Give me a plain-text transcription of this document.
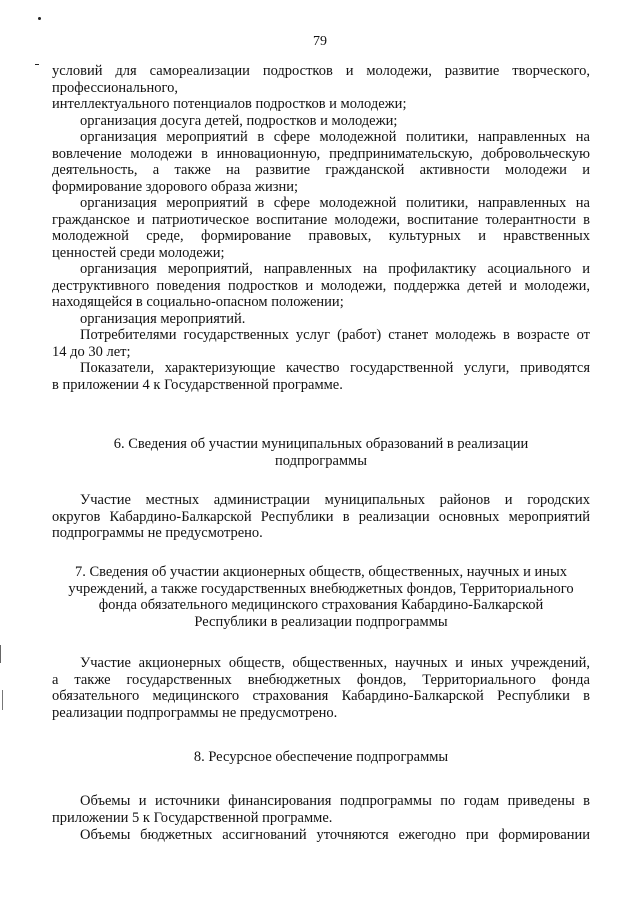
79
условий для самореализации подростков и молодежи, развитие творческого,
профессионального,
интеллектуального потенциалов подростков и молодежи;
организация досуга детей, подростков и молодежи;
организация мероприятий в сфере молодежной политики, направленных на
вовлечение молодежи в инновационную, предпринимательскую, добровольческую
деятельность, а также на развитие гражданской активности молодежи и
формирование здорового образа жизни;
организация мероприятий в сфере молодежной политики, направленных на
гражданское и патриотическое воспитание молодежи, воспитание толерантности в
молодежной среде, формирование правовых, культурных и нравственных
ценностей среди молодежи;
организация мероприятий, направленных на профилактику асоциального и
деструктивного поведения подростков и молодежи, поддержка детей и молодежи,
находящейся в социально-опасном положении;
организация мероприятий.
Потребителями государственных услуг (работ) станет молодежь в возрасте от
14 до 30 лет;
Показатели, характеризующие качество государственной услуги, приводятся
в приложении 4 к Государственной программе.
6. Сведения об участии муниципальных образований в реализации
подпрограммы
Участие местных администрации муниципальных районов и городских
округов Кабардино-Балкарской Республики в реализации основных мероприятий
подпрограммы не предусмотрено.
7. Сведения об участии акционерных обществ, общественных, научных и иных
учреждений, а также государственных внебюджетных фондов, Территориального
фонда обязательного медицинского страхования Кабардино-Балкарской
Республики в реализации подпрограммы
Участие акционерных обществ, общественных, научных и иных учреждений,
а также государственных внебюджетных фондов, Территориального фонда
обязательного медицинского страхования Кабардино-Балкарской Республики в
реализации подпрограммы не предусмотрено.
8. Ресурсное обеспечение подпрограммы
Объемы и источники финансирования подпрограммы по годам приведены в
приложении 5 к Государственной программе.
Объемы бюджетных ассигнований уточняются ежегодно при формировании
